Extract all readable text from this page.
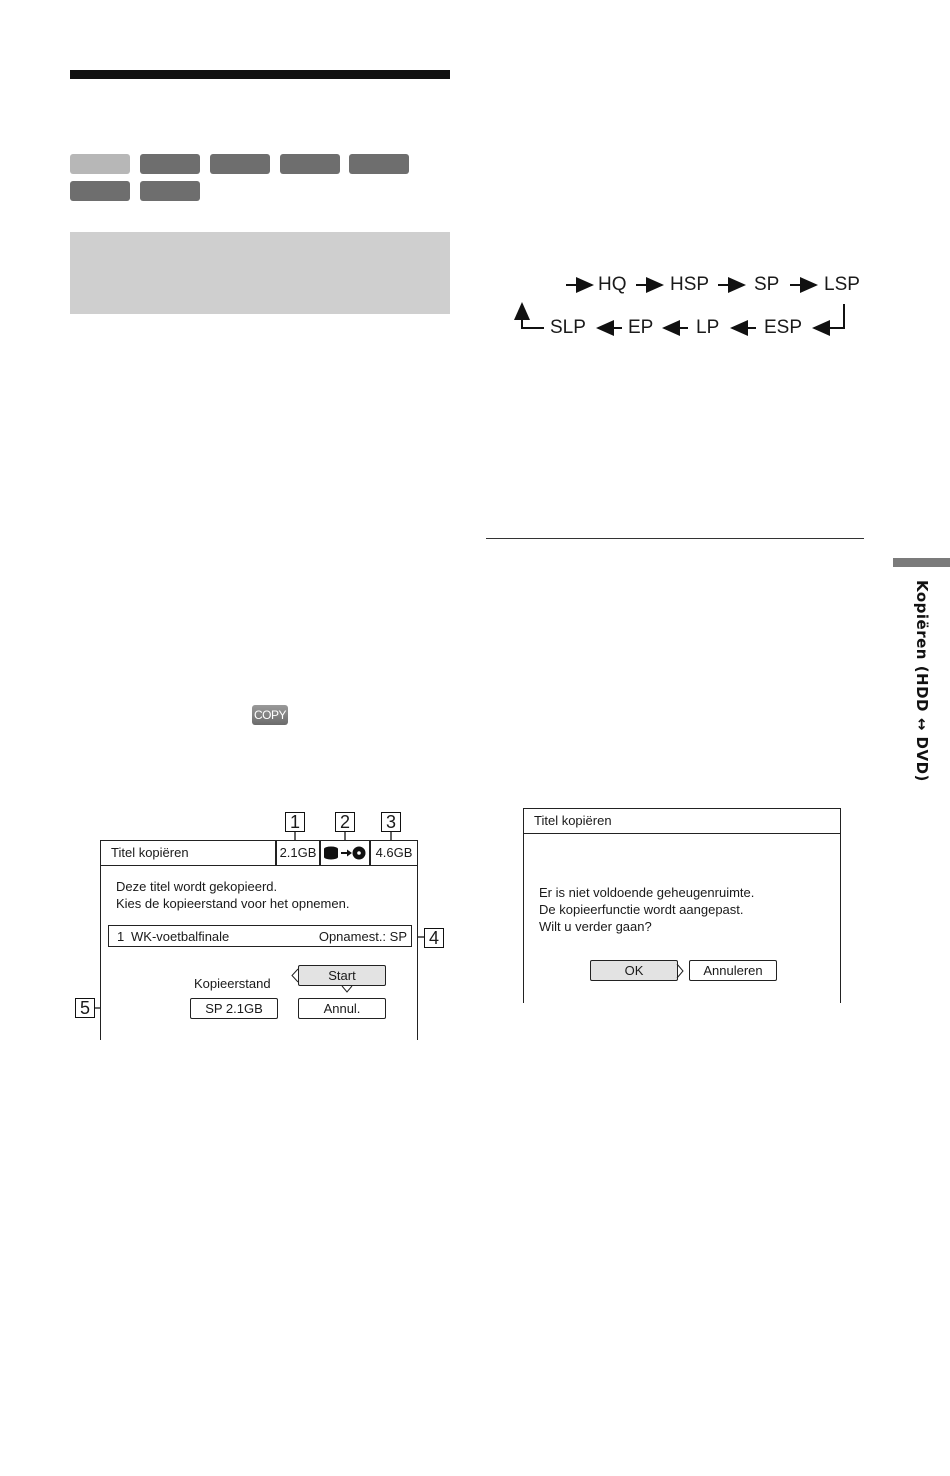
COPY
HQ HSP SP LSP
SLP EP LP ESP
Kopiëren (HDD ↔ DVD)
1 2 3
4
5
Titel kopiëren	2.1GB	4.6GB
Deze titel wordt gekopieerd.
Kies de kopieerstand voor het opnemen.
1 WK-voetbalfinale	Opnamest.: SP
Kopieerstand
Start
SP 2.1GB	Annul.
Titel kopiëren
Er is niet voldoende geheugenruimte.
De kopieerfunctie wordt aangepast.
Wilt u verder gaan?
OK	Annuleren
